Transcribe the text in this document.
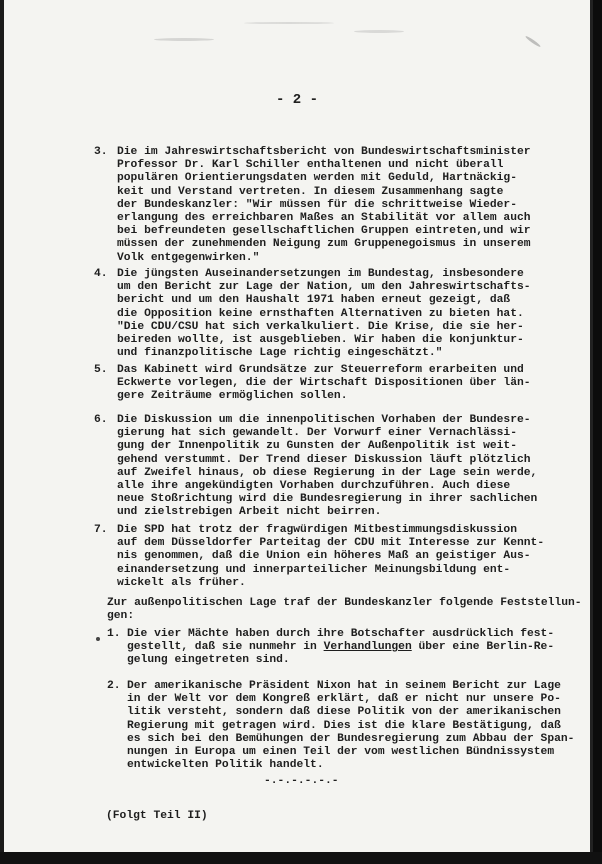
- 2 -
3. Die im Jahreswirtschaftsbericht von Bundeswirtschaftsminister
Professor Dr. Karl Schiller enthaltenen und nicht überall
populären Orientierungsdaten werden mit Geduld, Hartnäckig-
keit und Verstand vertreten. In diesem Zusammenhang sagte
der Bundeskanzler: "Wir müssen für die schrittweise Wieder-
erlangung des erreichbaren Maßes an Stabilität vor allem auch
bei befreundeten gesellschaftlichen Gruppen eintreten,und wir
müssen der zunehmenden Neigung zum Gruppenegoismus in unserem
Volk entgegenwirken."
4. Die jüngsten Auseinandersetzungen im Bundestag, insbesondere
um den Bericht zur Lage der Nation, um den Jahreswirtschafts-
bericht und um den Haushalt 1971 haben erneut gezeigt, daß
die Opposition keine ernsthaften Alternativen zu bieten hat.
"Die CDU/CSU hat sich verkalkuliert. Die Krise, die sie her-
beireden wollte, ist ausgeblieben. Wir haben die konjunktur-
und finanzpolitische Lage richtig eingeschätzt."
5. Das Kabinett wird Grundsätze zur Steuerreform erarbeiten und
Eckwerte vorlegen, die der Wirtschaft Dispositionen über län-
gere Zeiträume ermöglichen sollen.
6. Die Diskussion um die innenpolitischen Vorhaben der Bundesre-
gierung hat sich gewandelt. Der Vorwurf einer Vernachlässi-
gung der Innenpolitik zu Gunsten der Außenpolitik ist weit-
gehend verstummt. Der Trend dieser Diskussion läuft plötzlich
auf Zweifel hinaus, ob diese Regierung in der Lage sein werde,
alle ihre angekündigten Vorhaben durchzuführen. Auch diese
neue Stoßrichtung wird die Bundesregierung in ihrer sachlichen
und zielstrebigen Arbeit nicht beirren.
7. Die SPD hat trotz der fragwürdigen Mitbestimmungsdiskussion
auf dem Düsseldorfer Parteitag der CDU mit Interesse zur Kennt-
nis genommen, daß die Union ein höheres Maß an geistiger Aus-
einandersetzung und innerparteilicher Meinungsbildung ent-
wickelt als früher.
Zur außenpolitischen Lage traf der Bundeskanzler folgende Feststellun-
gen:
1. Die vier Mächte haben durch ihre Botschafter ausdrücklich fest-
gestellt, daß sie nunmehr in Verhandlungen über eine Berlin-Re-
gelung eingetreten sind.
2. Der amerikanische Präsident Nixon hat in seinem Bericht zur Lage
in der Welt vor dem Kongreß erklärt, daß er nicht nur unsere Po-
litik versteht, sondern daß diese Politik von der amerikanischen
Regierung mit getragen wird. Dies ist die klare Bestätigung, daß
es sich bei den Bemühungen der Bundesregierung zum Abbau der Span-
nungen in Europa um einen Teil der vom westlichen Bündnissystem
entwickelten Politik handelt.
-.-.-.-.-.-
(Folgt Teil II)
